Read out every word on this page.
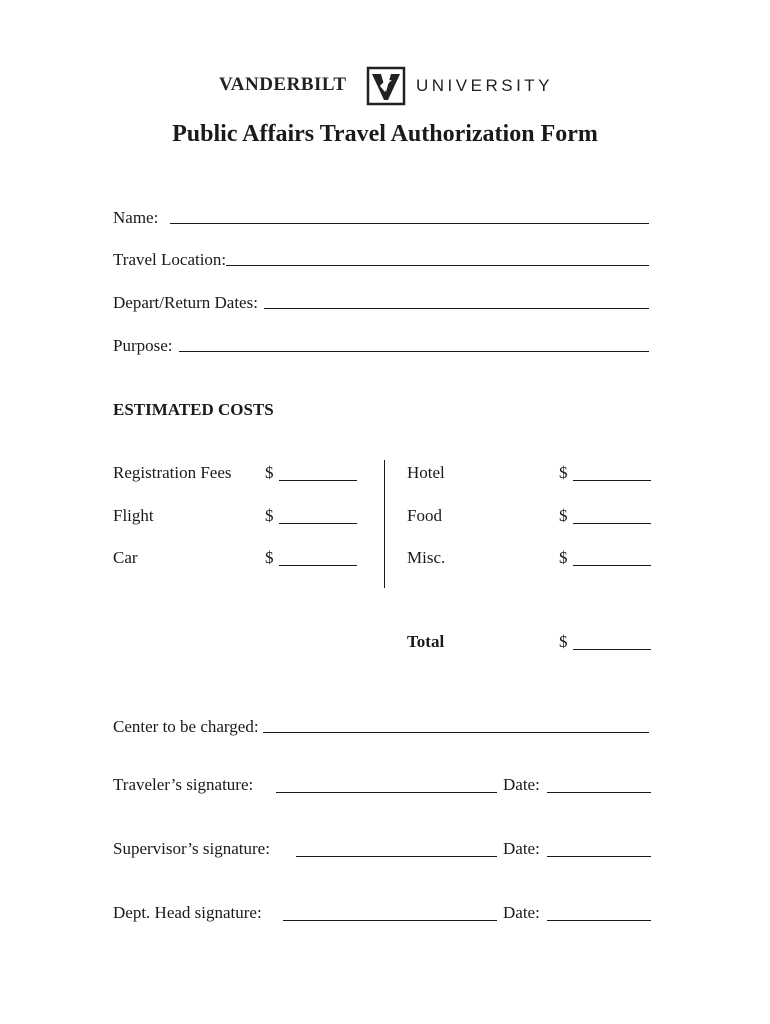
VANDERBILT	UNIVERSITY
Public Affairs Travel Authorization Form
Name:
Travel Location:
Depart/Return Dates:
Purpose:
ESTIMATED COSTS
Registration Fees $
Flight	$
Car	$
Hotel	$
Food	$
Misc.	$
Total	$
Center to be charged:
Traveler’s signature:	Date:
Supervisor’s signature:	Date:
Dept. Head signature:	Date:
